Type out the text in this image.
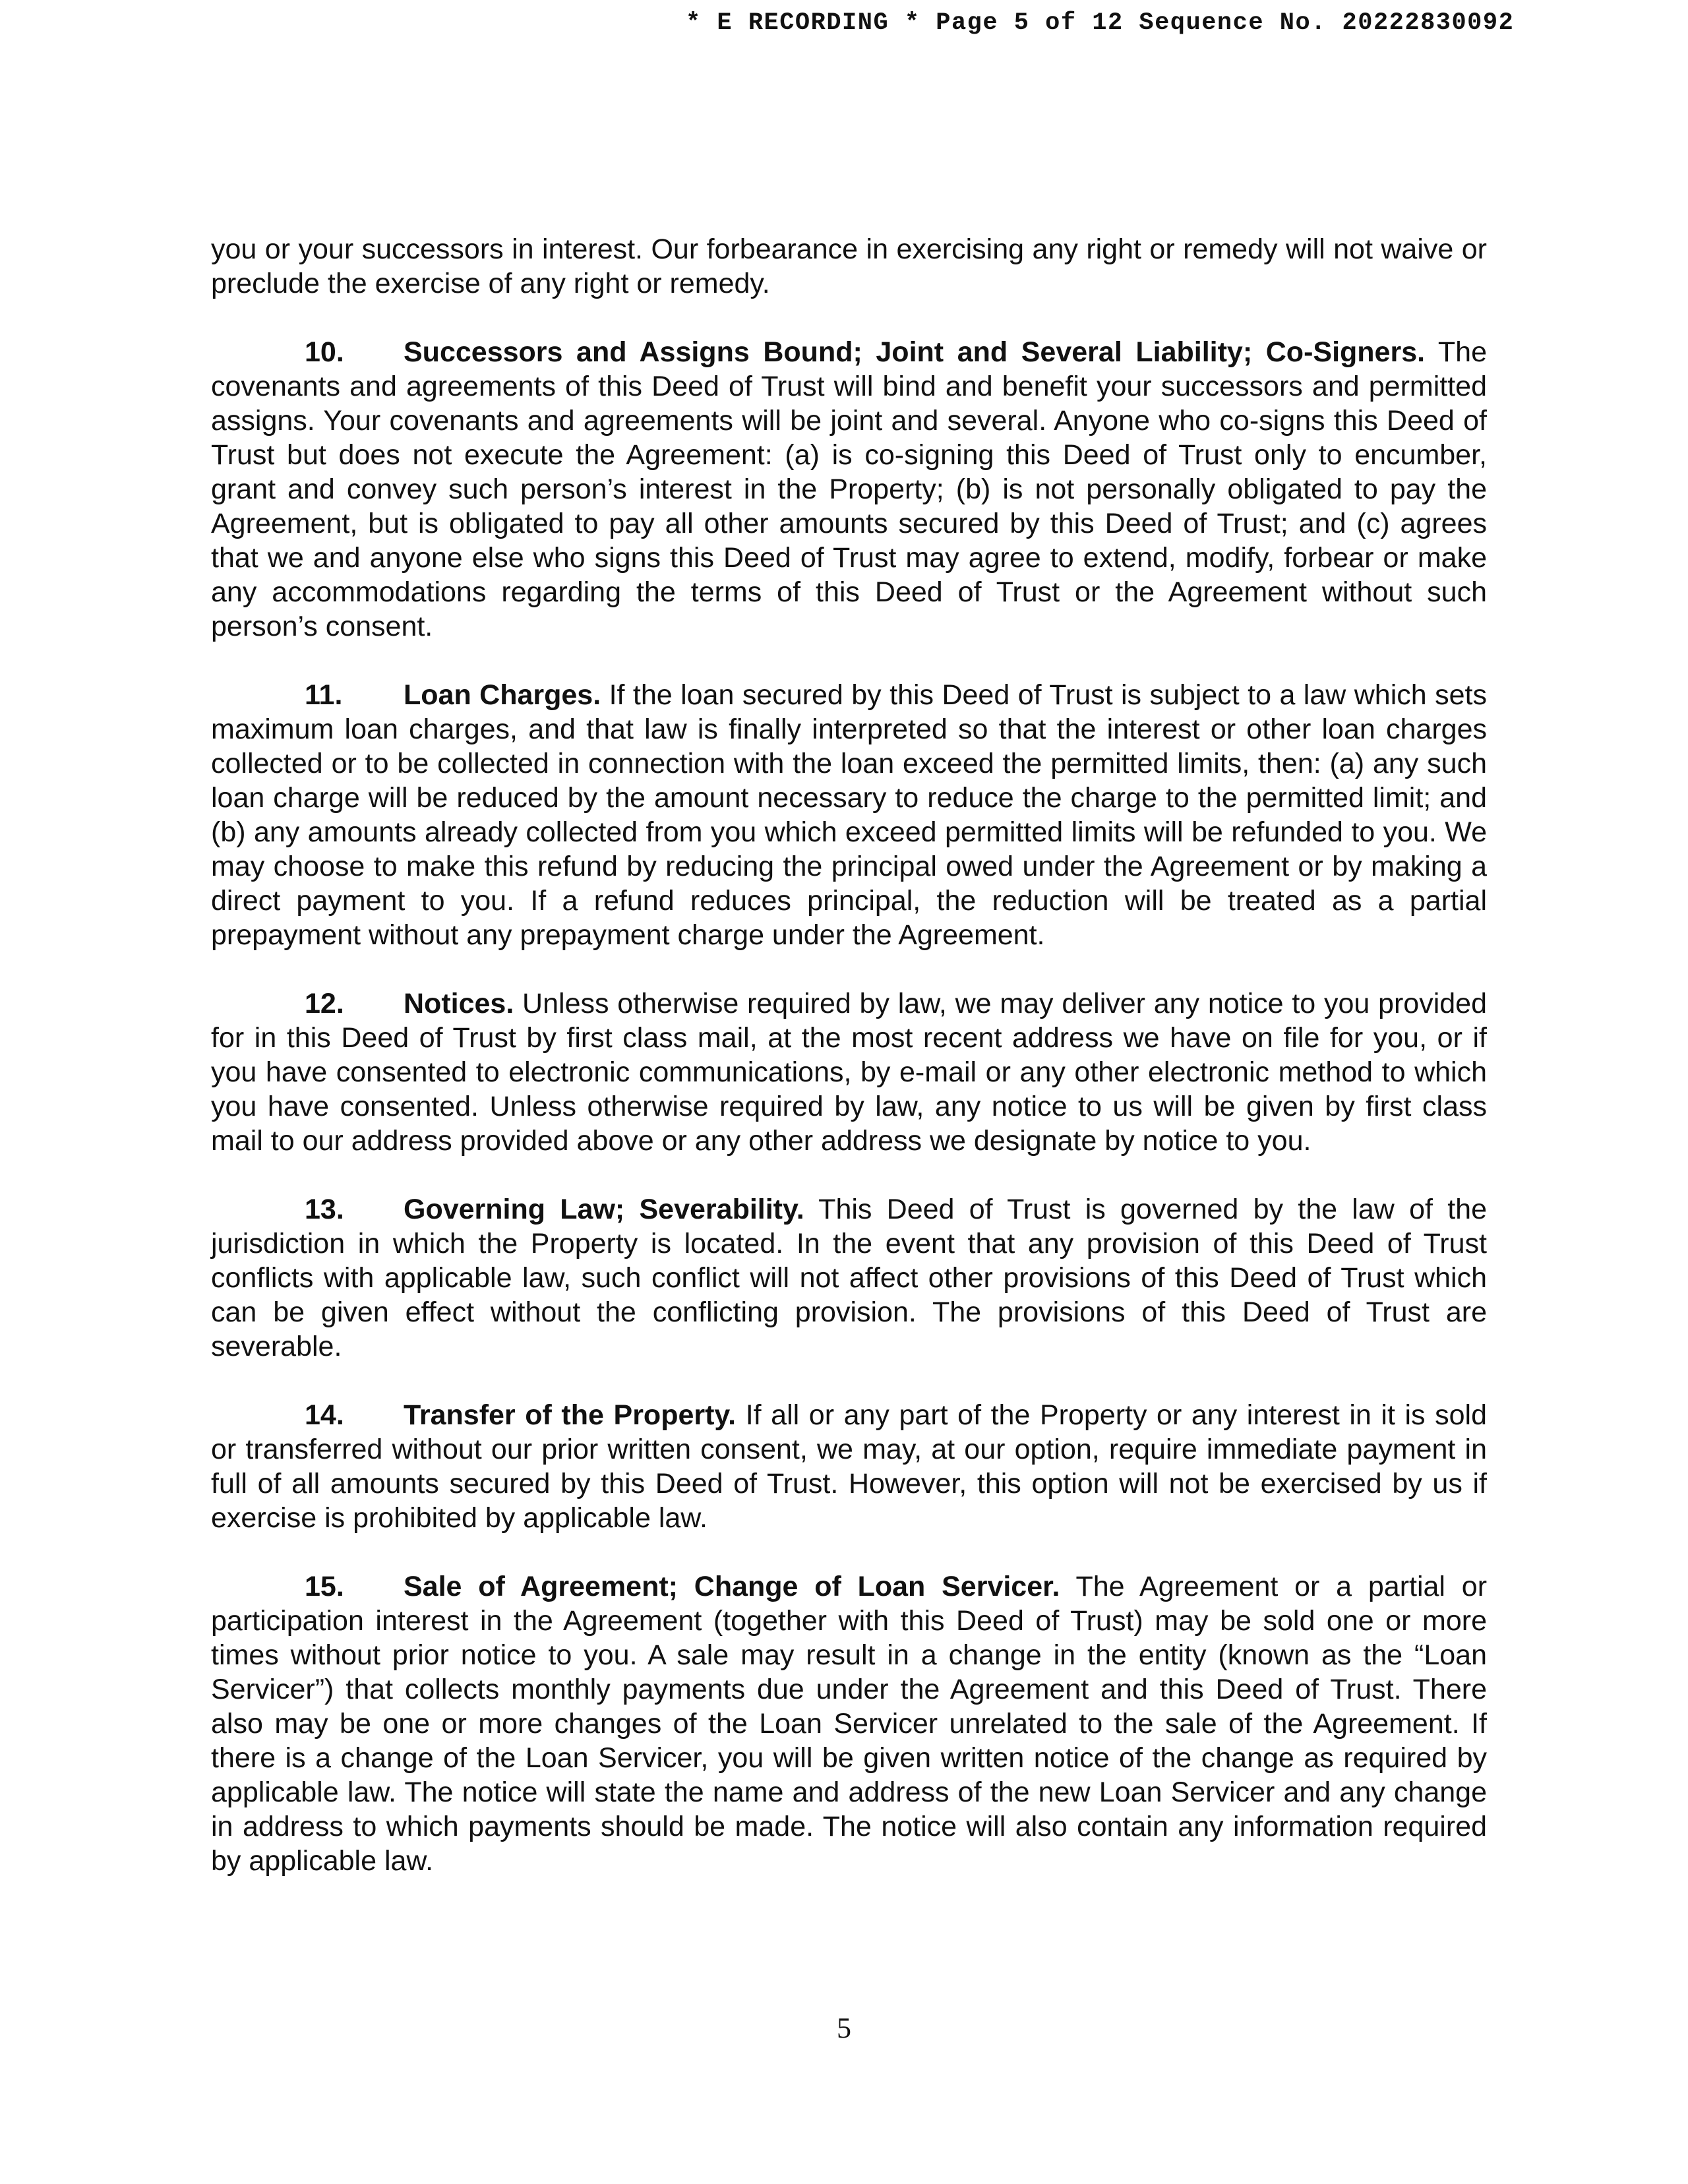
* E RECORDING * Page 5 of 12 Sequence No. 20222830092

you or your successors in interest. Our forbearance in exercising any right or remedy will not waive or preclude the exercise of any right or remedy.

10. Successors and Assigns Bound; Joint and Several Liability; Co-Signers. The covenants and agreements of this Deed of Trust will bind and benefit your successors and permitted assigns. Your covenants and agreements will be joint and several. Anyone who co-signs this Deed of Trust but does not execute the Agreement: (a) is co-signing this Deed of Trust only to encumber, grant and convey such person’s interest in the Property; (b) is not personally obligated to pay the Agreement, but is obligated to pay all other amounts secured by this Deed of Trust; and (c) agrees that we and anyone else who signs this Deed of Trust may agree to extend, modify, forbear or make any accommodations regarding the terms of this Deed of Trust or the Agreement without such person’s consent.

11. Loan Charges. If the loan secured by this Deed of Trust is subject to a law which sets maximum loan charges, and that law is finally interpreted so that the interest or other loan charges collected or to be collected in connection with the loan exceed the permitted limits, then: (a) any such loan charge will be reduced by the amount necessary to reduce the charge to the permitted limit; and (b) any amounts already collected from you which exceed permitted limits will be refunded to you. We may choose to make this refund by reducing the principal owed under the Agreement or by making a direct payment to you. If a refund reduces principal, the reduction will be treated as a partial prepayment without any prepayment charge under the Agreement.

12. Notices. Unless otherwise required by law, we may deliver any notice to you provided for in this Deed of Trust by first class mail, at the most recent address we have on file for you, or if you have consented to electronic communications, by e-mail or any other electronic method to which you have consented. Unless otherwise required by law, any notice to us will be given by first class mail to our address provided above or any other address we designate by notice to you.

13. Governing Law; Severability. This Deed of Trust is governed by the law of the jurisdiction in which the Property is located. In the event that any provision of this Deed of Trust conflicts with applicable law, such conflict will not affect other provisions of this Deed of Trust which can be given effect without the conflicting provision. The provisions of this Deed of Trust are severable.

14. Transfer of the Property. If all or any part of the Property or any interest in it is sold or transferred without our prior written consent, we may, at our option, require immediate payment in full of all amounts secured by this Deed of Trust. However, this option will not be exercised by us if exercise is prohibited by applicable law.

15. Sale of Agreement; Change of Loan Servicer. The Agreement or a partial or participation interest in the Agreement (together with this Deed of Trust) may be sold one or more times without prior notice to you. A sale may result in a change in the entity (known as the “Loan Servicer”) that collects monthly payments due under the Agreement and this Deed of Trust. There also may be one or more changes of the Loan Servicer unrelated to the sale of the Agreement. If there is a change of the Loan Servicer, you will be given written notice of the change as required by applicable law. The notice will state the name and address of the new Loan Servicer and any change in address to which payments should be made. The notice will also contain any information required by applicable law.

5
